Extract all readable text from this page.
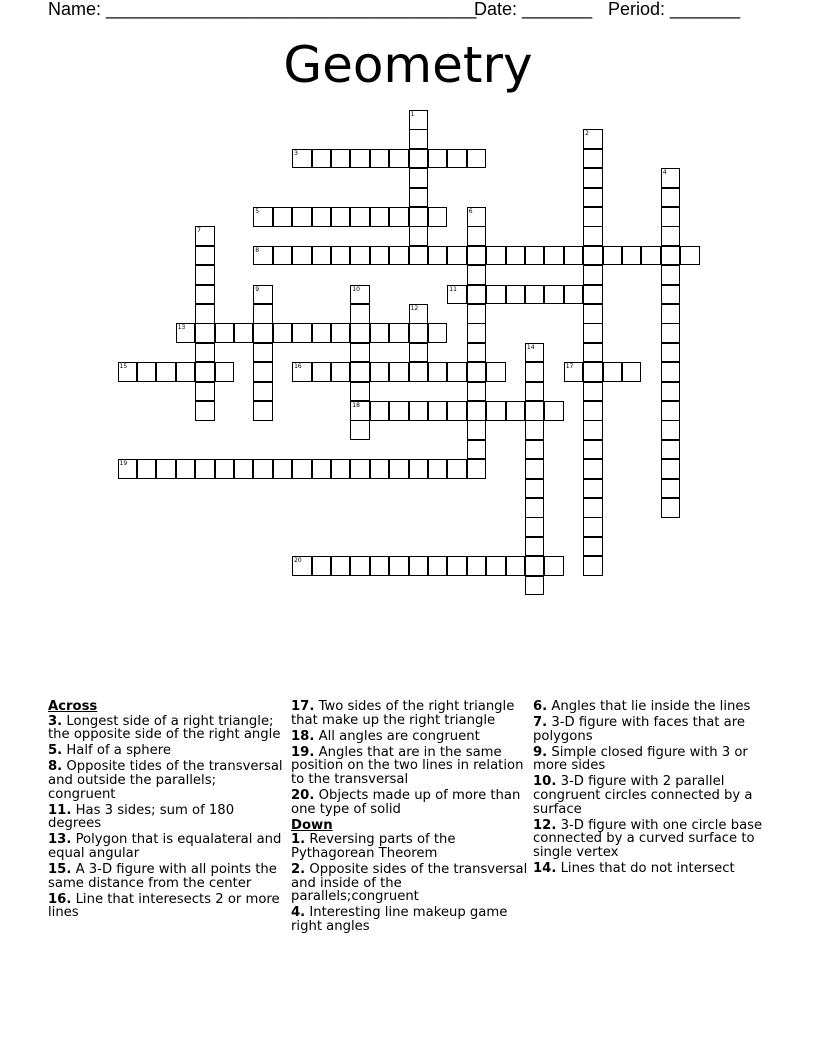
Name: _____________________________________
Date: _______ Period: _______
Geometry
1
2
3
4
5	6
7
8
9	10
18
11
12
13
14
15	16	17
19
20
Across
3. Longest side of a right triangle; the opposite side of the right angle
5. Half of a sphere
8. Opposite tides of the transversal and outside the parallels; congruent
11. Has 3 sides; sum of 180 degrees
13. Polygon that is equalateral and equal angular
15. A 3-D figure with all points the same distance from the center
16. Line that interesects 2 or more lines
17. Two sides of the right triangle that make up the right triangle
18. All angles are congruent
19. Angles that are in the same position on the two lines in relation to the transversal
20. Objects made up of more than one type of solid
Down
1. Reversing parts of the Pythagorean Theorem
2. Opposite sides of the transversal and inside of the parallels;congruent
4. Interesting line makeup game right angles
6. Angles that lie inside the lines
7. 3-D figure with faces that are polygons
9. Simple closed figure with 3 or more sides
10. 3-D figure with 2 parallel congruent circles connected by a surface
12. 3-D figure with one circle base connected by a curved surface to single vertex
14. Lines that do not intersect
